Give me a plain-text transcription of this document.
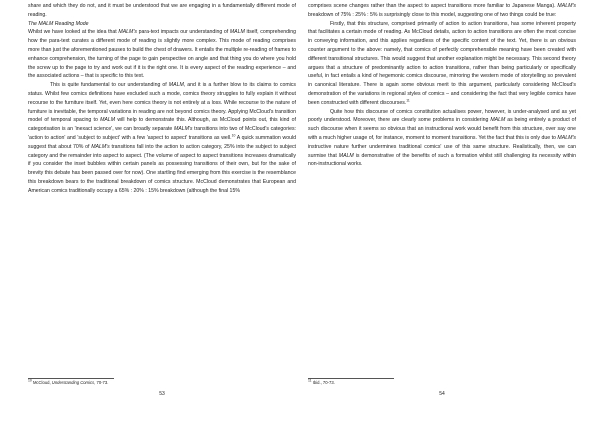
share and which they do not, and it must be understood that we are engaging in a fundamentally different mode of reading.

The MALM Reading Mode

Whilst we have looked at the idea that MALM's para-text impacts our understanding of MALM itself, comprehending how the para-text curates a different mode of reading is slightly more complex. This mode of reading comprises more than just the aforementioned pauses to build the chest of drawers. It entails the multiple re-reading of frames to enhance comprehension, the turning of the page to gain perspective on angle and that thing you do where you hold the screw up to the page to try and work out if it is the right one. It is every aspect of the reading experience – and the associated actions – that is specific to this text.

This is quite fundamental to our understanding of MALM, and it is a further blow to its claims to comics status. Whilst few comics definitions have excluded such a mode, comics theory struggles to fully explain it without recourse to the furniture itself. Yet, even here comics theory is not entirely at a loss. While recourse to the nature of furniture is inevitable, the temporal variations in reading are not beyond comics theory. Applying McCloud's transition model of temporal spacing to MALM will help to demonstrate this. Although, as McCloud points out, this kind of categorisation is an 'inexact science', we can broadly separate MALM's transitions into two of McCloud's categories: 'action to action' and 'subject to subject' with a few 'aspect to aspect' transitions as well.$^{10}$ A quick summation would suggest that about 70% of MALM's transitions fall into the action to action category, 25% into the subject to subject category and the remainder into aspect to aspect. (The volume of aspect to aspect transitions increases dramatically if you consider the inset bubbles within certain panels as possessing transitions of their own, but for the sake of brevity this debate has been passed over for now). One startling find emerging from this exercise is the resemblance this breakdown bears to the traditional breakdown of comics structure. McCloud demonstrates that European and American comics traditionally occupy a 65% : 20% : 15% breakdown (although the final 15%

$^{10}$ McCloud, Understanding Comics, 70-73.
53

comprises scene changes rather than the aspect to aspect transitions more familiar to Japanese Manga). MALM's breakdown of 75% : 25% : 5% is surprisingly close to this model, suggesting one of two things could be true:

Firstly, that this structure, comprised primarily of action to action transitions, has some inherent property that facilitates a certain mode of reading. As McCloud details, action to action transitions are often the most concise in conveying information, and this applies regardless of the specific content of the text. Yet, there is an obvious counter argument to the above: namely, that comics of perfectly comprehensible meaning have been created with different transitional structures. This would suggest that another explanation might be necessary. This second theory argues that a structure of predominantly action to action transitions, rather than being particularly or specifically useful, in fact entails a kind of hegemonic comics discourse, mirroring the western mode of storytelling so prevalent in canonical literature. There is again some obvious merit to this argument, particularly considering McCloud's demonstration of the variations in regional styles of comics – and considering the fact that very legible comics have been constructed with different discourses.$^{11}$

Quite how this discourse of comics constitution actualises power, however, is under-analysed and as yet poorly understood. Moreover, there are clearly some problems in considering MALM as being entirely a product of such discourse when it seems so obvious that an instructional work would benefit from this structure, over say one with a much higher usage of, for instance, moment to moment transitions. Yet the fact that this is only due to MALM's instructive nature further undermines traditional comics' use of this same structure. Realistically, then, we can surmise that MALM is demonstrative of the benefits of such a formation whilst still challenging its necessity within non-instructional works.

$^{11}$ Ibid., 70-73.
54
